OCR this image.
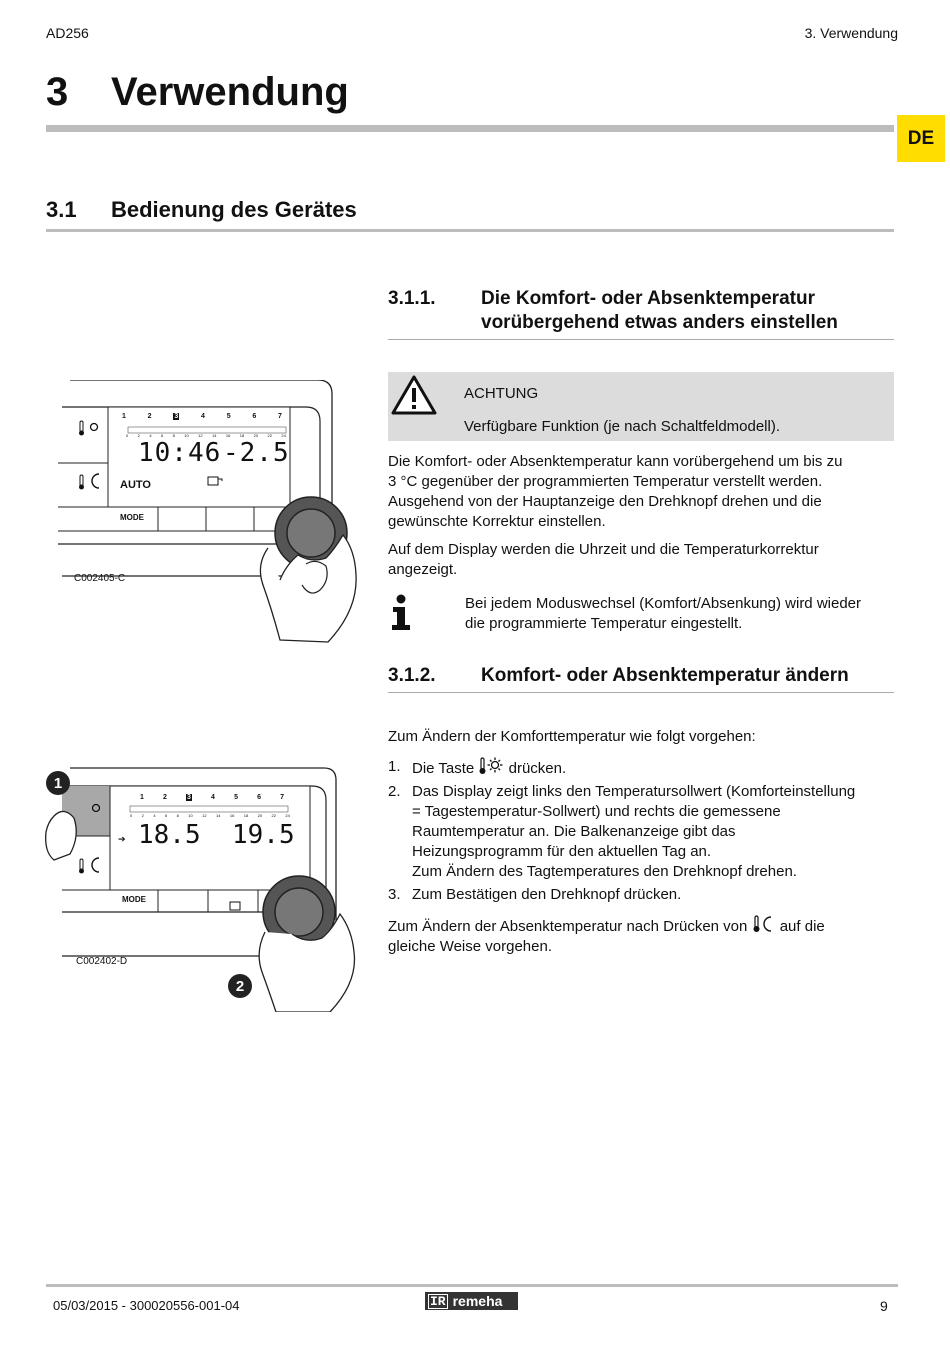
AD256	3. Verwendung
3 Verwendung
DE
3.1 Bedienung des Gerätes
3.1.1. Die Komfort- oder Absenktemperatur
vorübergehend etwas anders einstellen
ACHTUNG
Verfügbare Funktion (je nach Schaltfeldmodell).
Die Komfort- oder Absenktemperatur kann vorübergehend um bis zu
3 °C gegenüber der programmierten Temperatur verstellt werden.
Ausgehend von der Hauptanzeige den Drehknopf drehen und die
gewünschte Korrektur einstellen.
Auf dem Display werden die Uhrzeit und die Temperaturkorrektur
angezeigt.
Bei jedem Moduswechsel (Komfort/Absenkung) wird wieder
die programmierte Temperatur eingestellt.
3.1.2. Komfort- oder Absenktemperatur ändern
Zum Ändern der Komforttemperatur wie folgt vorgehen:
1. Die Taste drücken.
2. Das Display zeigt links den Temperatursollwert (Komforteinstellung
= Tagestemperatur-Sollwert) und rechts die gemessene
Raumtemperatur an. Die Balkenanzeige gibt das
Heizungsprogramm für den aktuellen Tag an.
Zum Ändern des Tagtemperatures den Drehknopf drehen.
3. Zum Bestätigen den Drehknopf drücken.
Zum Ändern der Absenktemperatur nach Drücken von auf die
gleiche Weise vorgehen.
1	2	3	4	5	6	7
0 2 4 6 8 10 12 14 16 18 20 22 24
10:46 -2.5
AUTO
MODE
C002405-C
1
2
1	2	3	4	5	6	7
0 2 4 6 8 10 12 14 16 18 20 22 24
➔ 18.5 19.5
MODE
C002402-D
05/03/2015 - 300020556-001-04	IR remeha	9
